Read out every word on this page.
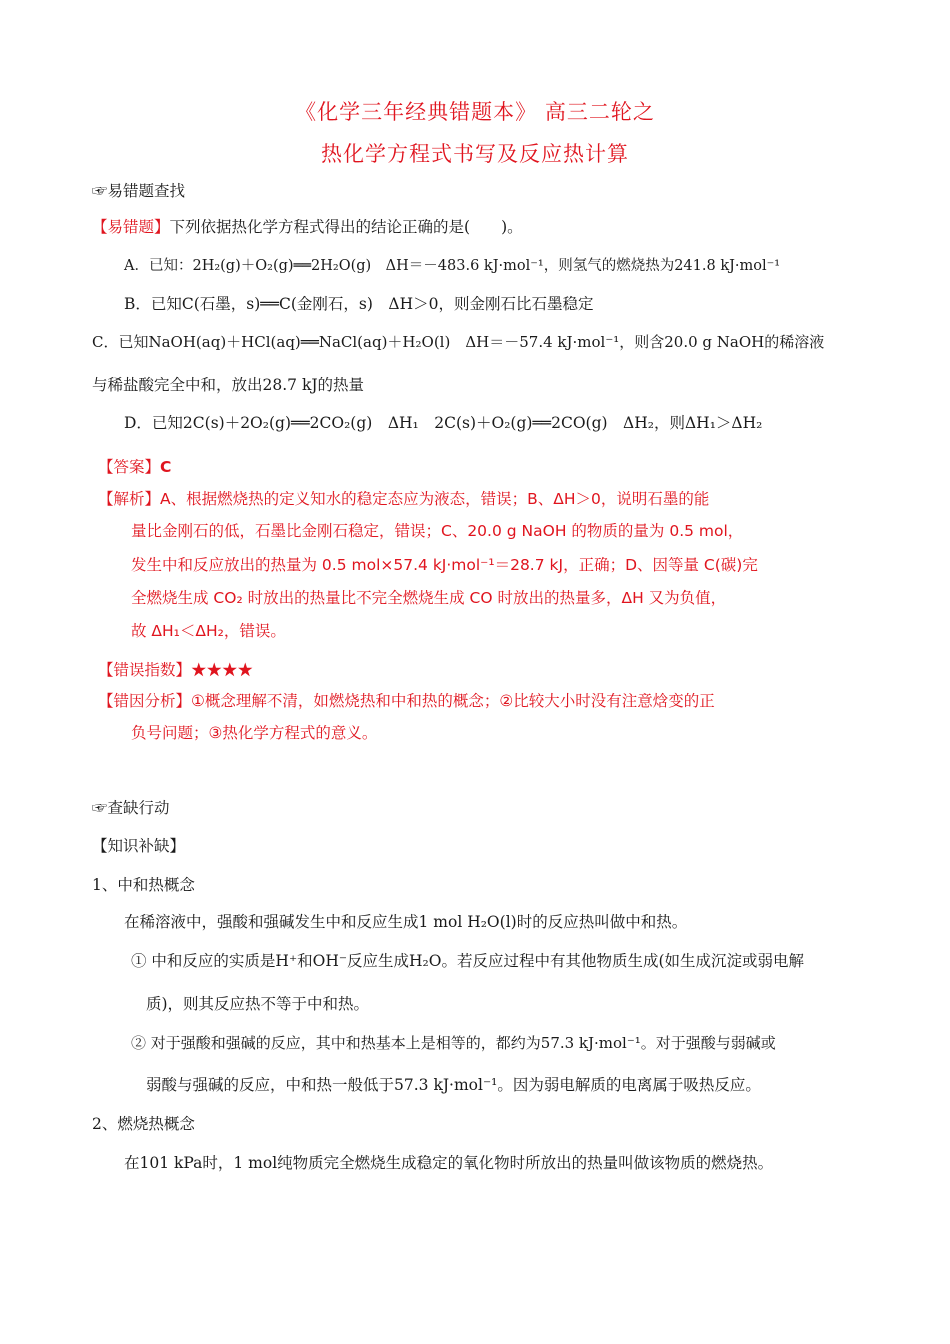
《化学三年经典错题本》 高三二轮之
热化学方程式书写及反应热计算
☞易错题查找
【易错题】下列依据热化学方程式得出的结论正确的是(　　)。
A．已知：2H₂(g)＋O₂(g)══2H₂O(g)　ΔH＝－483.6 kJ·mol⁻¹，则氢气的燃烧热为241.8 kJ·mol⁻¹
B．已知C(石墨，s)══C(金刚石，s)　ΔH＞0，则金刚石比石墨稳定
C．已知NaOH(aq)＋HCl(aq)══NaCl(aq)＋H₂O(l)　ΔH＝－57.4 kJ·mol⁻¹，则含20.0 g NaOH的稀溶液
与稀盐酸完全中和，放出28.7 kJ的热量
D．已知2C(s)＋2O₂(g)══2CO₂(g)　ΔH₁　2C(s)＋O₂(g)══2CO(g)　ΔH₂，则ΔH₁＞ΔH₂
【答案】C
【解析】A、根据燃烧热的定义知水的稳定态应为液态，错误；B、ΔH＞0，说明石墨的能
量比金刚石的低，石墨比金刚石稳定，错误；C、20.0 g NaOH 的物质的量为 0.5 mol，
发生中和反应放出的热量为 0.5 mol×57.4 kJ·mol⁻¹＝28.7 kJ，正确；D、因等量 C(碳)完
全燃烧生成 CO₂ 时放出的热量比不完全燃烧生成 CO 时放出的热量多，ΔH 又为负值，
故 ΔH₁＜ΔH₂，错误。
【错误指数】★★★★
【错因分析】①概念理解不清，如燃烧热和中和热的概念；②比较大小时没有注意焓变的正
负号问题；③热化学方程式的意义。
☞查缺行动
【知识补缺】
1、中和热概念
在稀溶液中，强酸和强碱发生中和反应生成1 mol H₂O(l)时的反应热叫做中和热。
① 中和反应的实质是H⁺和OH⁻反应生成H₂O。若反应过程中有其他物质生成(如生成沉淀或弱电解
质)，则其反应热不等于中和热。
② 对于强酸和强碱的反应，其中和热基本上是相等的，都约为57.3 kJ·mol⁻¹。对于强酸与弱碱或
弱酸与强碱的反应，中和热一般低于57.3 kJ·mol⁻¹。因为弱电解质的电离属于吸热反应。
2、燃烧热概念
在101 kPa时，1 mol纯物质完全燃烧生成稳定的氧化物时所放出的热量叫做该物质的燃烧热。
